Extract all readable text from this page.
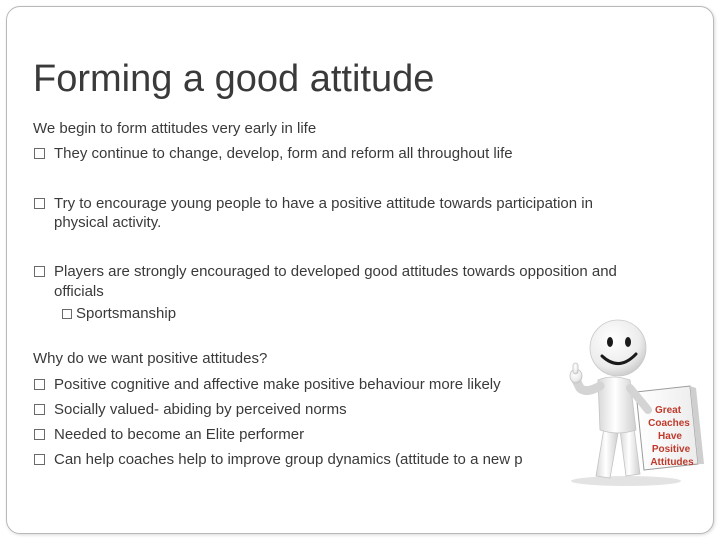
Forming a good attitude
We begin to form attitudes very early in life
They continue to change, develop, form and reform all throughout life
Try to encourage young people to have a positive attitude towards participation in
physical activity.
Players are strongly encouraged to developed good attitudes towards opposition and
officials
Sportsmanship
Why do we want positive attitudes?
Positive cognitive and affective make positive behaviour more likely
Socially valued- abiding by perceived norms
Needed to become an Elite performer
Can help coaches help to improve group dynamics (attitude to a new p
Great
Coaches
Have
Positive
Attitudes
